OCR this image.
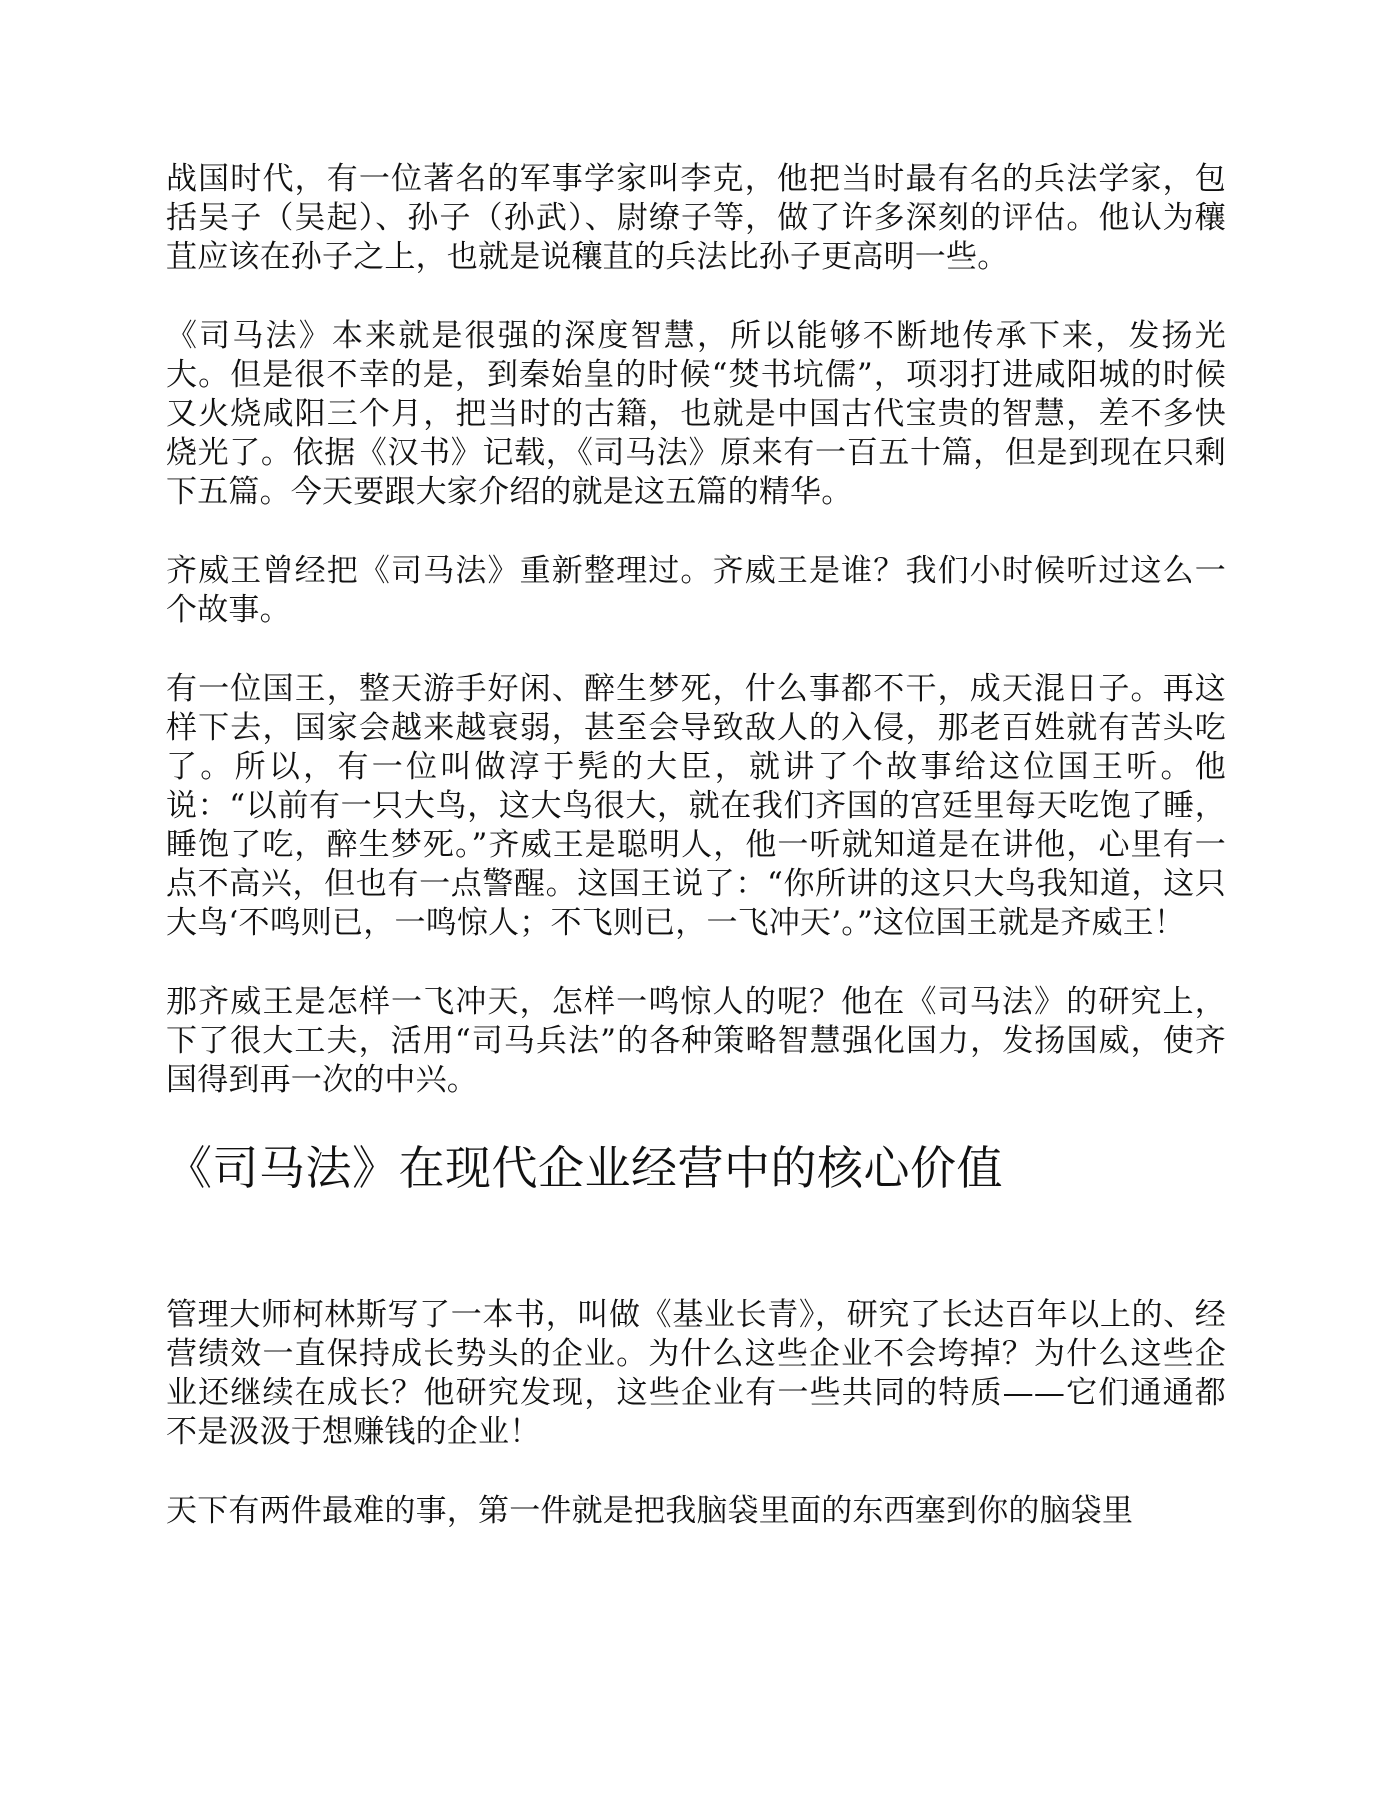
战国时代，有一位著名的军事学家叫李克，他把当时最有名的兵法学家，包括吴子（吴起）、孙子（孙武）、尉缭子等，做了许多深刻的评估。他认为穰苴应该在孙子之上，也就是说穰苴的兵法比孙子更高明一些。

《司马法》本来就是很强的深度智慧，所以能够不断地传承下来，发扬光大。但是很不幸的是，到秦始皇的时候“焚书坑儒”，项羽打进咸阳城的时候又火烧咸阳三个月，把当时的古籍，也就是中国古代宝贵的智慧，差不多快烧光了。依据《汉书》记载，《司马法》原来有一百五十篇，但是到现在只剩下五篇。今天要跟大家介绍的就是这五篇的精华。

齐威王曾经把《司马法》重新整理过。齐威王是谁？我们小时候听过这么一个故事。

有一位国王，整天游手好闲、醉生梦死，什么事都不干，成天混日子。再这样下去，国家会越来越衰弱，甚至会导致敌人的入侵，那老百姓就有苦头吃了。所以，有一位叫做淳于髡的大臣，就讲了个故事给这位国王听。他说：“以前有一只大鸟，这大鸟很大，就在我们齐国的宫廷里每天吃饱了睡，睡饱了吃，醉生梦死。”齐威王是聪明人，他一听就知道是在讲他，心里有一点不高兴，但也有一点警醒。这国王说了：“你所讲的这只大鸟我知道，这只大鸟‘不鸣则已，一鸣惊人；不飞则已，一飞冲天’。”这位国王就是齐威王！

那齐威王是怎样一飞冲天，怎样一鸣惊人的呢？他在《司马法》的研究上，下了很大工夫，活用“司马兵法”的各种策略智慧强化国力，发扬国威，使齐国得到再一次的中兴。

《司马法》在现代企业经营中的核心价值

管理大师柯林斯写了一本书，叫做《基业长青》，研究了长达百年以上的、经营绩效一直保持成长势头的企业。为什么这些企业不会垮掉？为什么这些企业还继续在成长？他研究发现，这些企业有一些共同的特质——它们通通都不是汲汲于想赚钱的企业！

天下有两件最难的事，第一件就是把我脑袋里面的东西塞到你的脑袋里
